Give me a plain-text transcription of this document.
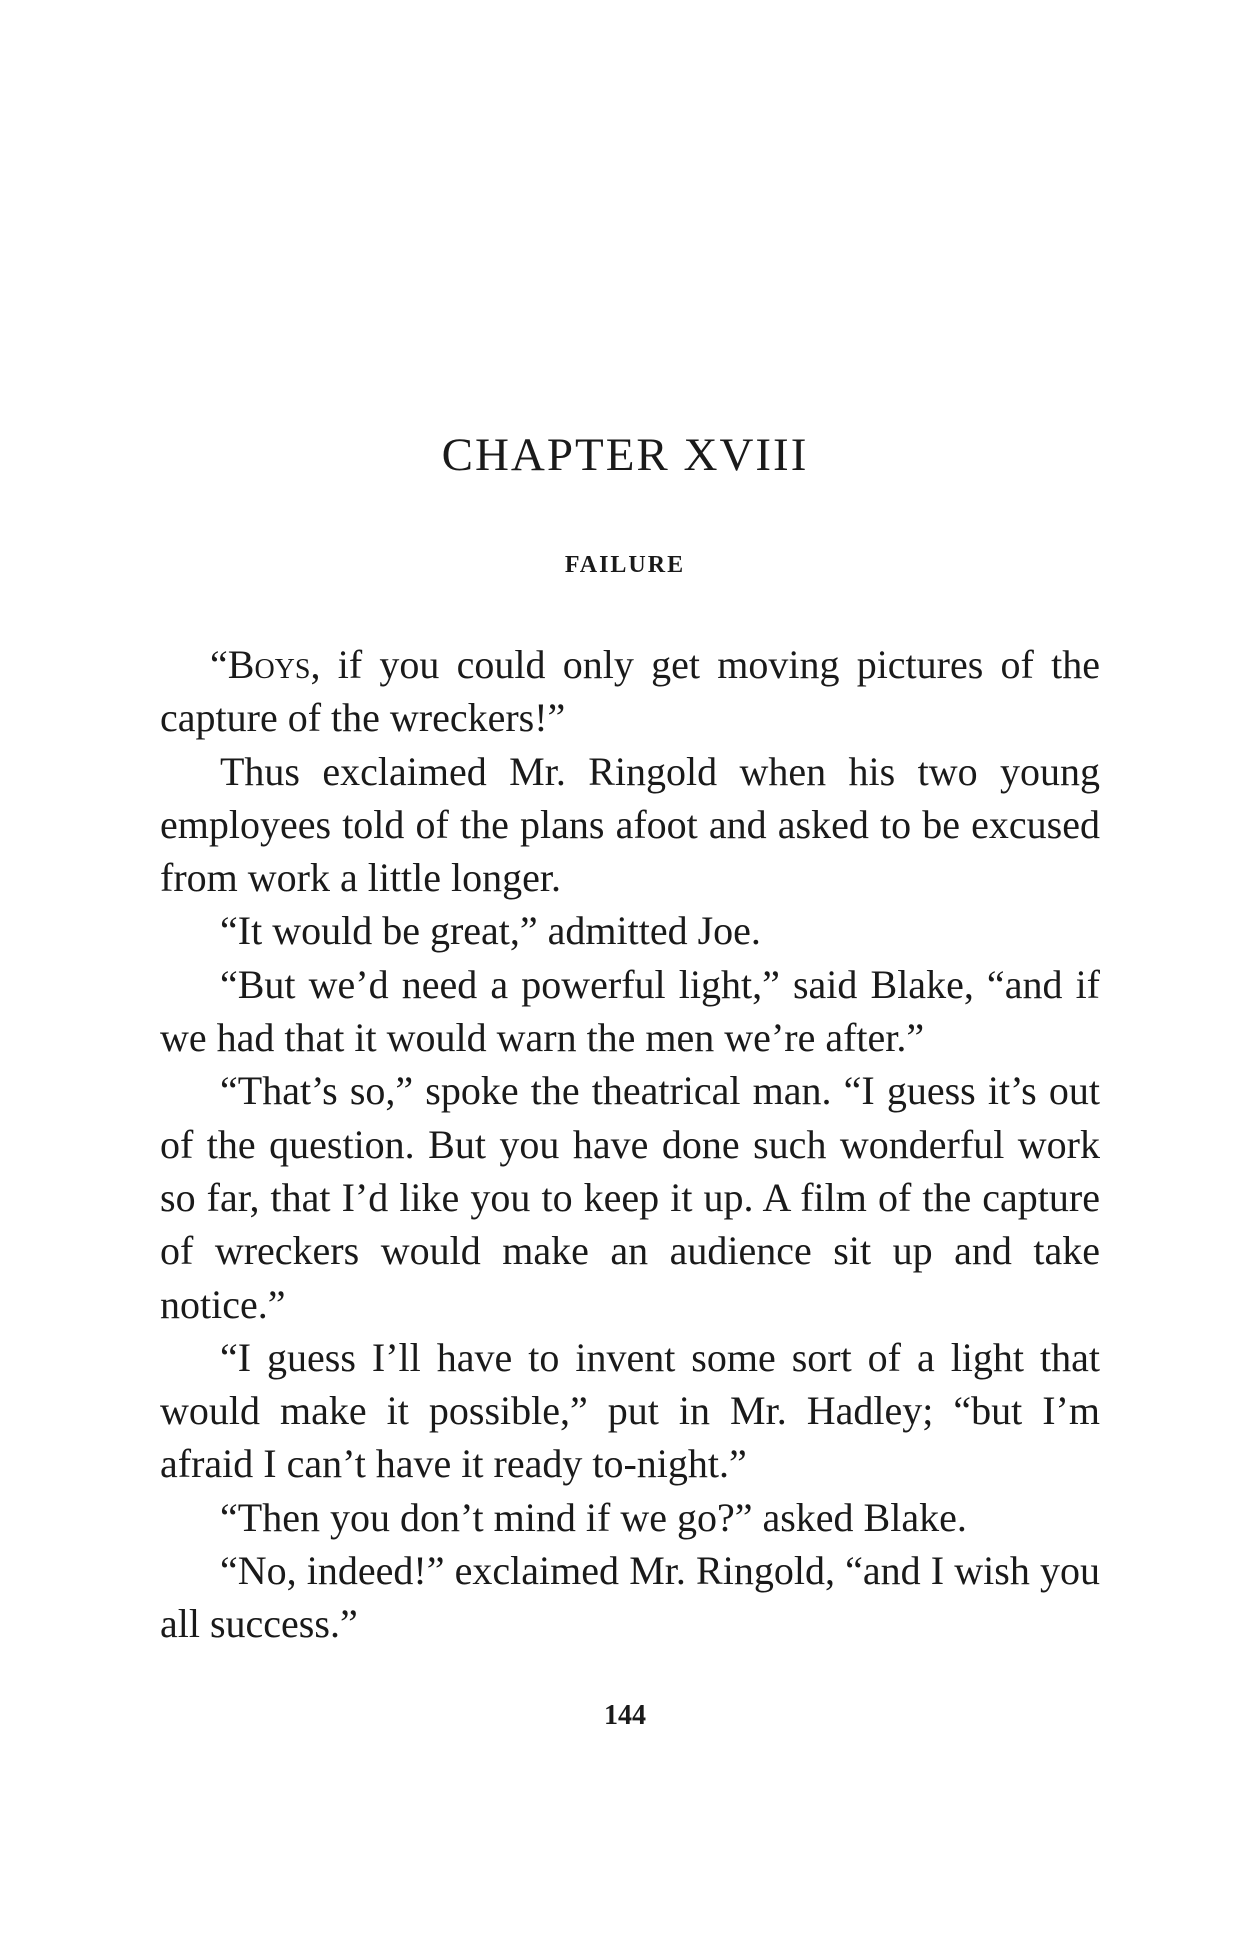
CHAPTER XVIII
FAILURE

“Boys, if you could only get moving pictures of the capture of the wreckers!”

Thus exclaimed Mr. Ringold when his two young employees told of the plans afoot and asked to be excused from work a little longer.

“It would be great,” admitted Joe.

“But we’d need a powerful light,” said Blake, “and if we had that it would warn the men we’re after.”

“That’s so,” spoke the theatrical man. “I guess it’s out of the question. But you have done such wonderful work so far, that I’d like you to keep it up. A film of the capture of wreckers would make an audience sit up and take notice.”

“I guess I’ll have to invent some sort of a light that would make it possible,” put in Mr. Hadley; “but I’m afraid I can’t have it ready to-night.”

“Then you don’t mind if we go?” asked Blake.

“No, indeed!” exclaimed Mr. Ringold, “and I wish you all success.”

144
